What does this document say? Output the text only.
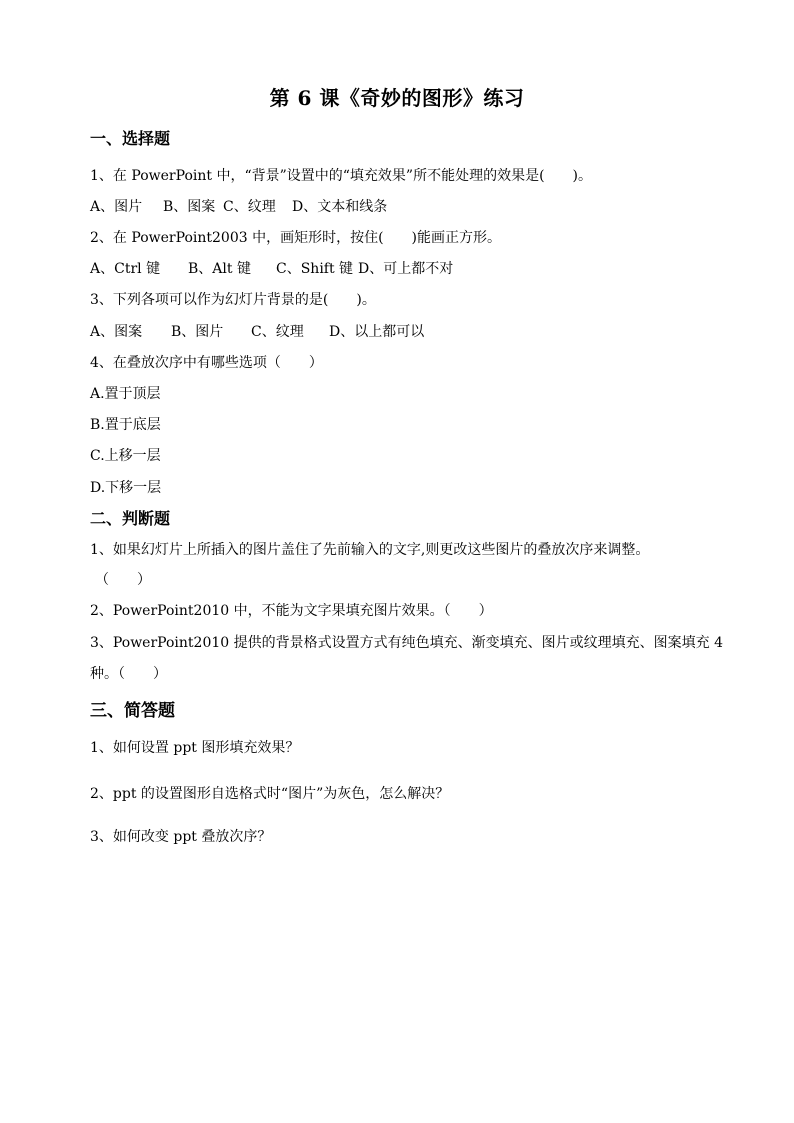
第 6 课《奇妙的图形》练习
一、选择题
1、在 PowerPoint 中，“背景”设置中的“填充效果”所不能处理的效果是(　　)。
A、图片 B、图案 C、纹理 D、文本和线条
2、在 PowerPoint2003 中，画矩形时，按住(　　)能画正方形。
A、Ctrl 键 B、Alt 键 C、Shift 键 D、可上都不对
3、下列各项可以作为幻灯片背景的是(　　)。
A、图案 B、图片 C、纹理 D、以上都可以
4、在叠放次序中有哪些选项（　　）
A.置于顶层
B.置于底层
C.上移一层
D.下移一层
二、判断题
1、如果幻灯片上所插入的图片盖住了先前输入的文字,则更改这些图片的叠放次序来调整。
（　　）
2、PowerPoint2010 中，不能为文字果填充图片效果。（　　）
3、PowerPoint2010 提供的背景格式设置方式有纯色填充、渐变填充、图片或纹理填充、图案填充 4
种。（　　）
三、简答题
1、如何设置 ppt 图形填充效果？
2、ppt 的设置图形自选格式时“图片”为灰色，怎么解决？
3、如何改变 ppt 叠放次序？
